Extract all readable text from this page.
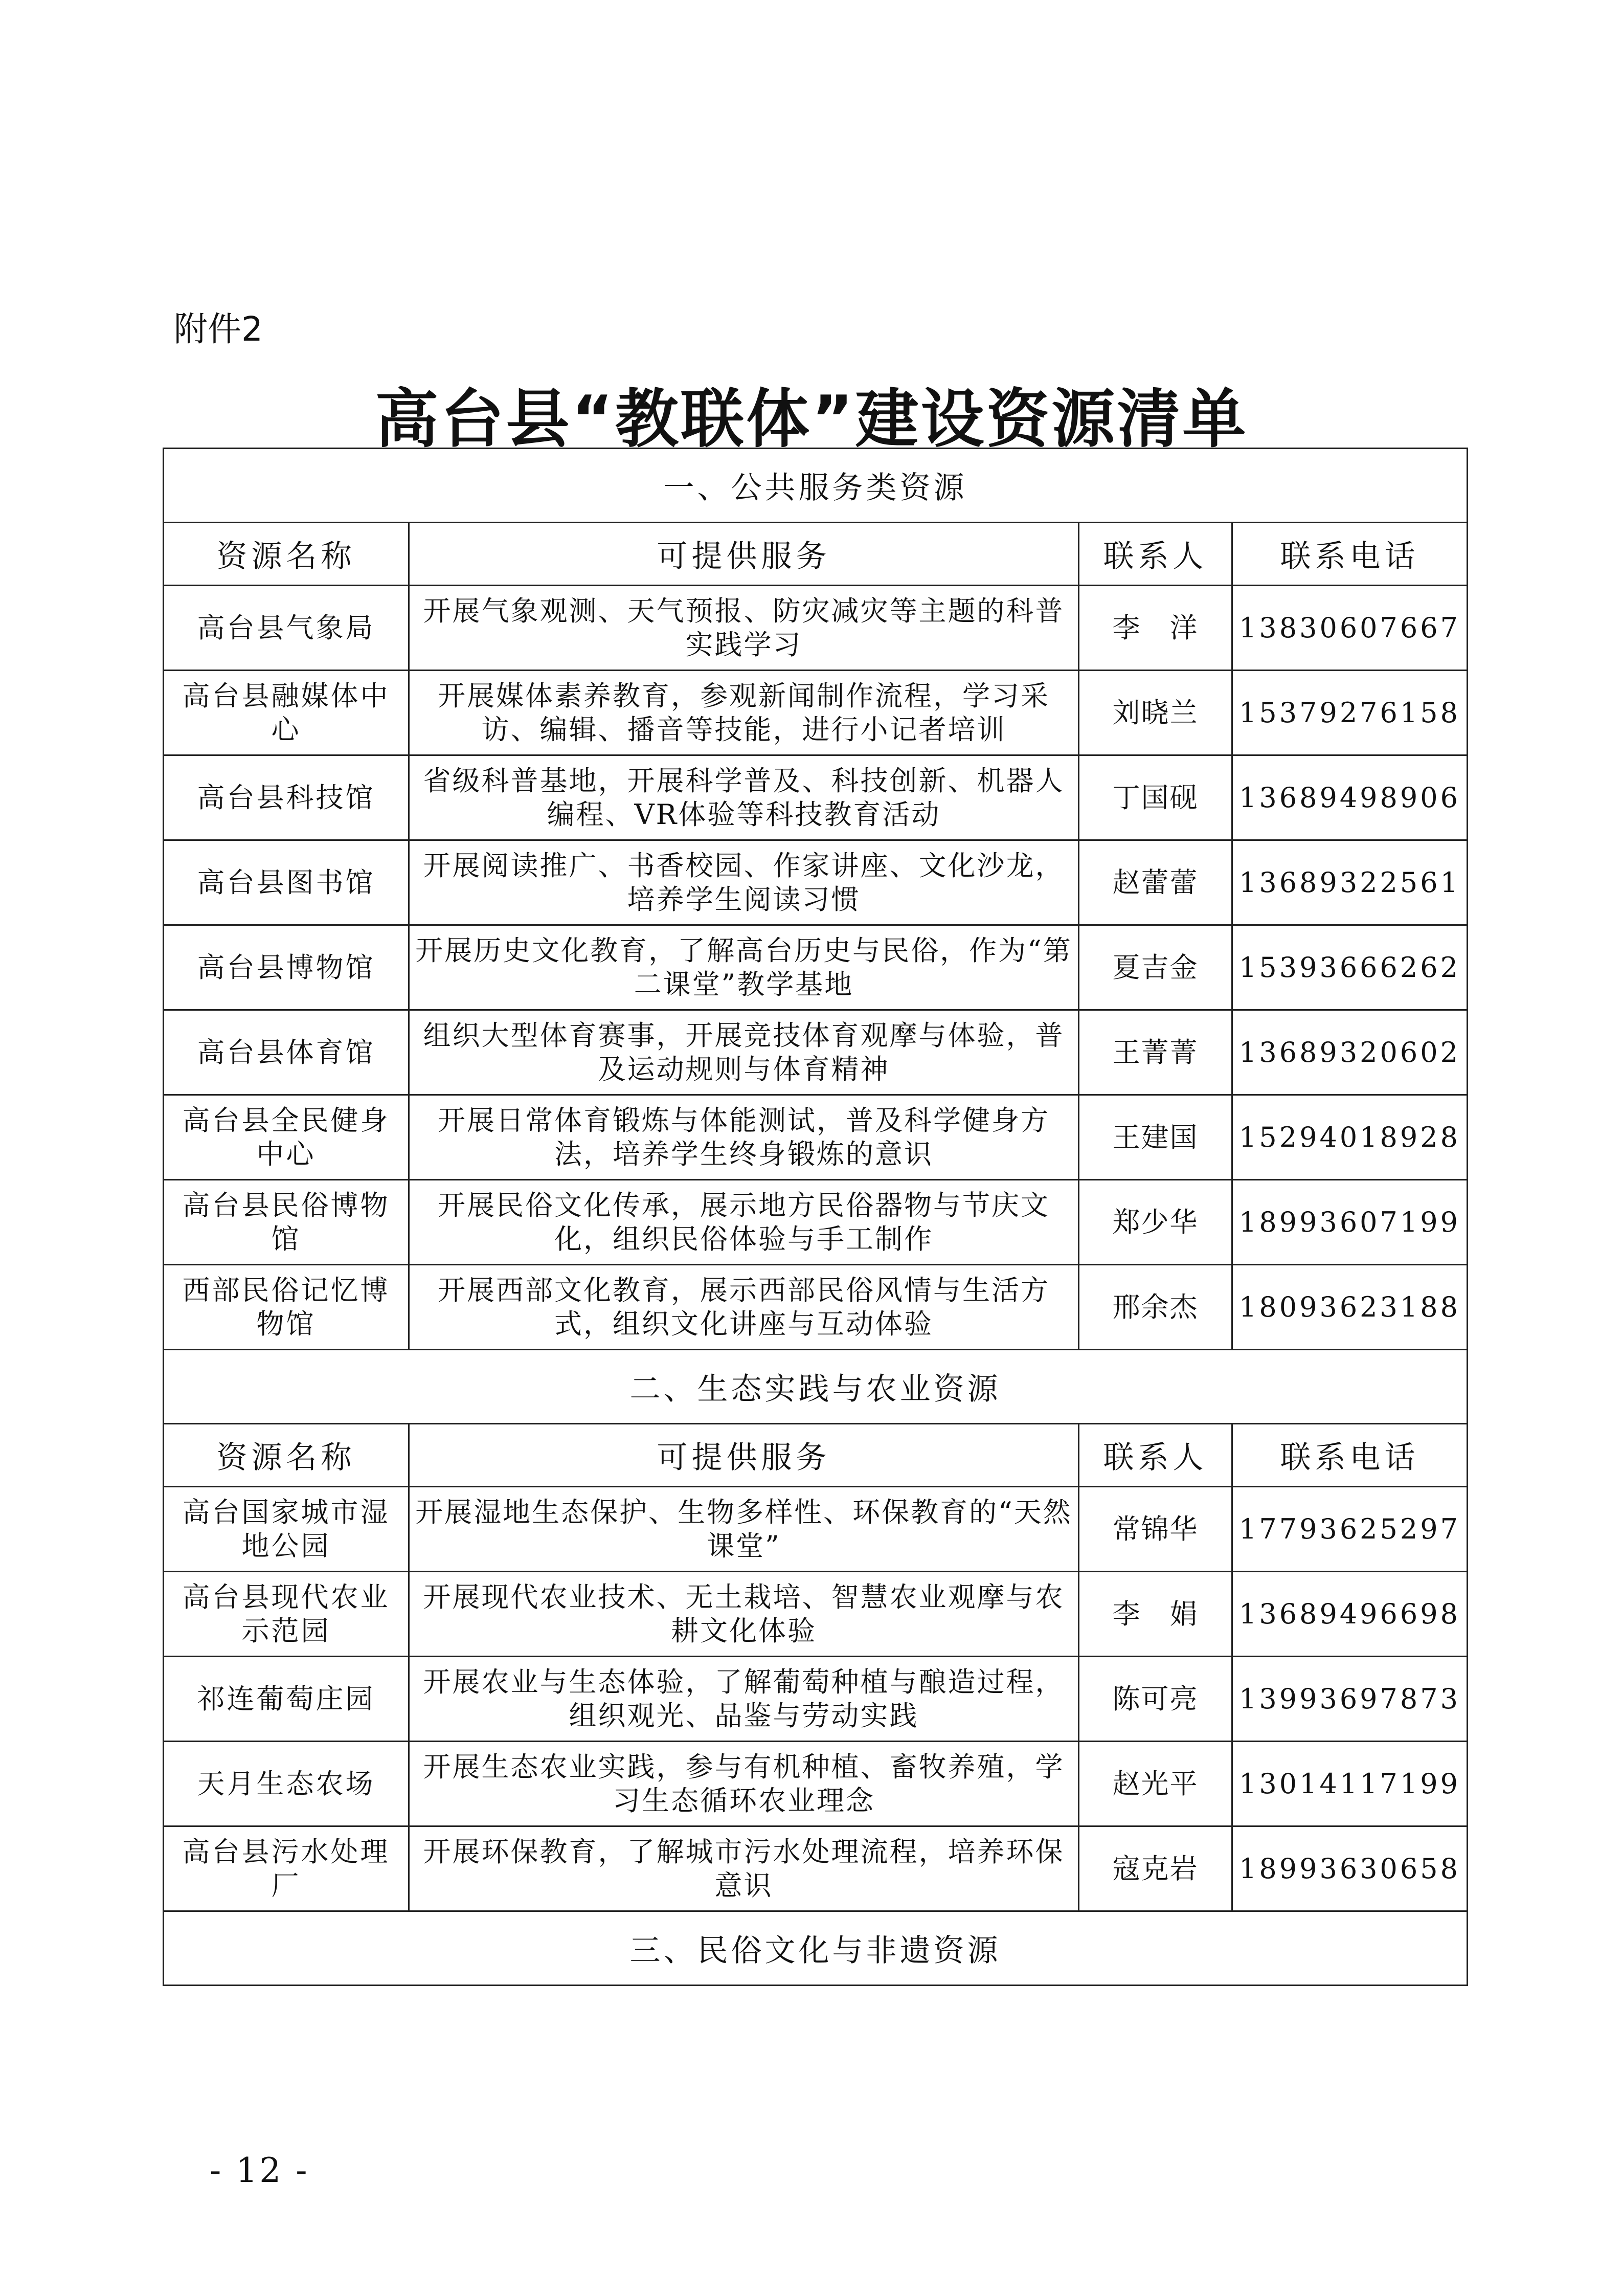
附件2
高台县“教联体”建设资源清单
一、公共服务类资源			
资源名称	可提供服务	联系人	联系电话
高台县气象局	开展气象观测、天气预报、防灾减灾等主题的科普实践学习	李　洋	13830607667
高台县融媒体中心	开展媒体素养教育，参观新闻制作流程，学习采访、编辑、播音等技能，进行小记者培训	刘晓兰	15379276158
高台县科技馆	省级科普基地，开展科学普及、科技创新、机器人编程、VR体验等科技教育活动	丁国砚	13689498906
高台县图书馆	开展阅读推广、书香校园、作家讲座、文化沙龙，培养学生阅读习惯	赵蕾蕾	13689322561
高台县博物馆	开展历史文化教育，了解高台历史与民俗，作为“第二课堂”教学基地	夏吉金	15393666262
高台县体育馆	组织大型体育赛事，开展竞技体育观摩与体验，普及运动规则与体育精神	王菁菁	13689320602
高台县全民健身中心	开展日常体育锻炼与体能测试，普及科学健身方法，培养学生终身锻炼的意识	王建国	15294018928
高台县民俗博物馆	开展民俗文化传承，展示地方民俗器物与节庆文化，组织民俗体验与手工制作	郑少华	18993607199
西部民俗记忆博物馆	开展西部文化教育，展示西部民俗风情与生活方式，组织文化讲座与互动体验	邢余杰	18093623188
二、生态实践与农业资源			
资源名称	可提供服务	联系人	联系电话
高台国家城市湿地公园	开展湿地生态保护、生物多样性、环保教育的“天然课堂”	常锦华	17793625297
高台县现代农业示范园	开展现代农业技术、无土栽培、智慧农业观摩与农耕文化体验	李　娟	13689496698
祁连葡萄庄园	开展农业与生态体验，了解葡萄种植与酿造过程，组织观光、品鉴与劳动实践	陈可亮	13993697873
天月生态农场	开展生态农业实践，参与有机种植、畜牧养殖，学习生态循环农业理念	赵光平	13014117199
高台县污水处理厂	开展环保教育，了解城市污水处理流程，培养环保意识	寇克岩	18993630658
三、民俗文化与非遗资源			
- 12 -
